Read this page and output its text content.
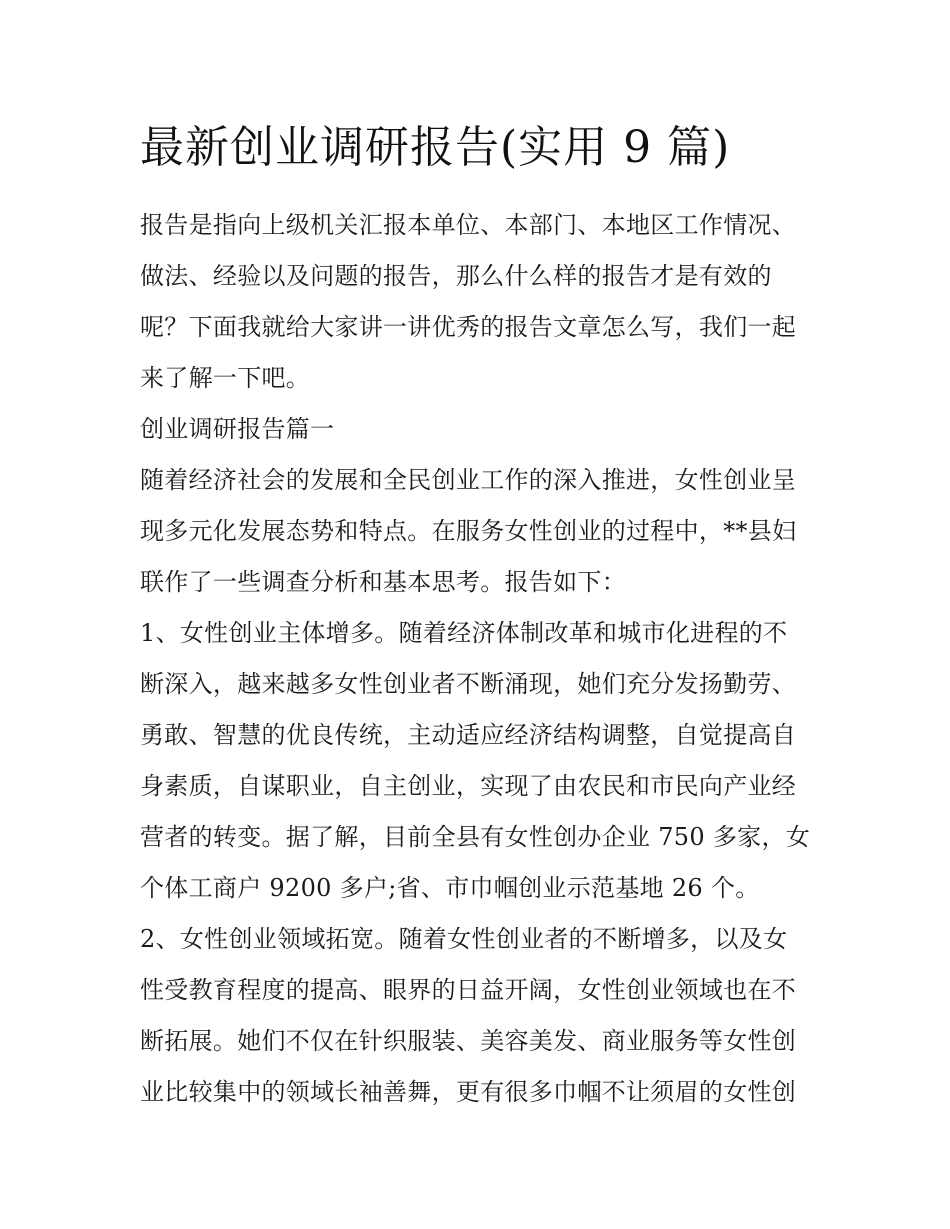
最新创业调研报告(实用 9 篇)
报告是指向上级机关汇报本单位、本部门、本地区工作情况、
做法、经验以及问题的报告，那么什么样的报告才是有效的
呢？下面我就给大家讲一讲优秀的报告文章怎么写，我们一起
来了解一下吧。
创业调研报告篇一
随着经济社会的发展和全民创业工作的深入推进，女性创业呈
现多元化发展态势和特点。在服务女性创业的过程中，**县妇
联作了一些调查分析和基本思考。报告如下：
1、女性创业主体增多。随着经济体制改革和城市化进程的不
断深入，越来越多女性创业者不断涌现，她们充分发扬勤劳、
勇敢、智慧的优良传统，主动适应经济结构调整，自觉提高自
身素质，自谋职业，自主创业，实现了由农民和市民向产业经
营者的转变。据了解，目前全县有女性创办企业 750 多家，女
个体工商户 9200 多户;省、市巾帼创业示范基地 26 个。
2、女性创业领域拓宽。随着女性创业者的不断增多，以及女
性受教育程度的提高、眼界的日益开阔，女性创业领域也在不
断拓展。她们不仅在针织服装、美容美发、商业服务等女性创
业比较集中的领域长袖善舞，更有很多巾帼不让须眉的女性创
